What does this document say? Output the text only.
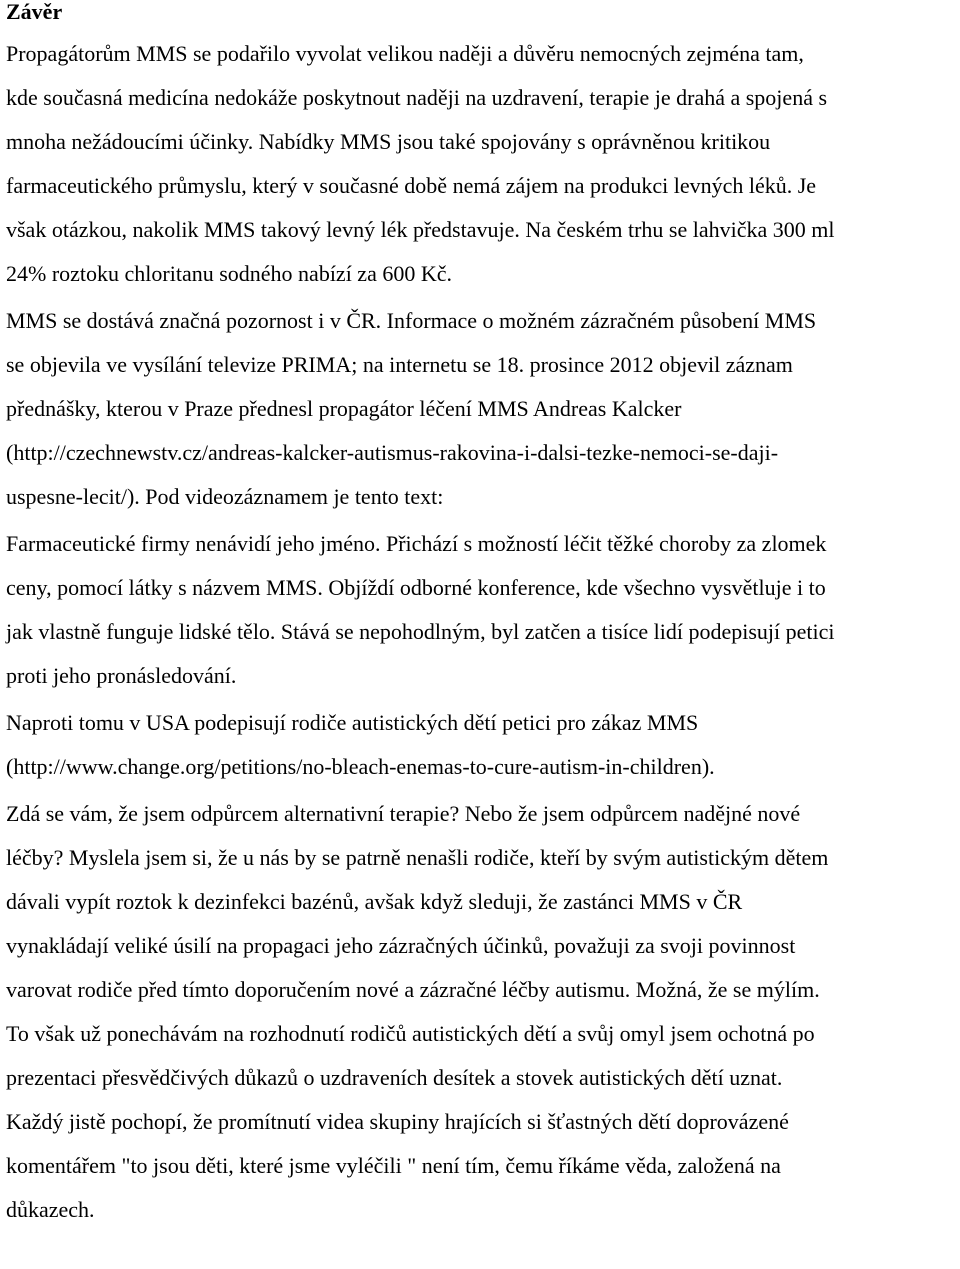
Závěr
Propagátorům MMS se podařilo vyvolat velikou naději a důvěru nemocných zejména tam,
kde současná medicína nedokáže poskytnout naději na uzdravení, terapie je drahá a spojená s
mnoha nežádoucími účinky. Nabídky MMS jsou také spojovány s oprávněnou kritikou
farmaceutického průmyslu, který v současné době nemá zájem na produkci levných léků. Je
však otázkou, nakolik MMS takový levný lék představuje. Na českém trhu se lahvička 300 ml
24% roztoku chloritanu sodného nabízí za 600 Kč.
MMS se dostává značná pozornost i v ČR. Informace o možném zázračném působení MMS
se objevila ve vysílání televize PRIMA; na internetu se 18. prosince 2012 objevil záznam
přednášky, kterou v Praze přednesl propagátor léčení MMS Andreas Kalcker
(http://czechnewstv.cz/andreas-kalcker-autismus-rakovina-i-dalsi-tezke-nemoci-se-daji-
uspesne-lecit/). Pod videozáznamem je tento text:
Farmaceutické firmy nenávidí jeho jméno. Přichází s možností léčit těžké choroby za zlomek
ceny, pomocí látky s názvem MMS. Objíždí odborné konference, kde všechno vysvětluje i to
jak vlastně funguje lidské tělo. Stává se nepohodlným, byl zatčen a tisíce lidí podepisují petici
proti jeho pronásledování.
Naproti tomu v USA podepisují rodiče autistických dětí petici pro zákaz MMS
(http://www.change.org/petitions/no-bleach-enemas-to-cure-autism-in-children).
Zdá se vám, že jsem odpůrcem alternativní terapie? Nebo že jsem odpůrcem nadějné nové
léčby? Myslela jsem si, že u nás by se patrně nenašli rodiče, kteří by svým autistickým dětem
dávali vypít roztok k dezinfekci bazénů, avšak když sleduji, že zastánci MMS v ČR
vynakládají veliké úsilí na propagaci jeho zázračných účinků, považuji za svoji povinnost
varovat rodiče před tímto doporučením nové a zázračné léčby autismu. Možná, že se mýlím.
To však už ponechávám na rozhodnutí rodičů autistických dětí a svůj omyl jsem ochotná po
prezentaci přesvědčivých důkazů o uzdraveních desítek a stovek autistických dětí uznat.
Každý jistě pochopí, že promítnutí videa skupiny hrajících si šťastných dětí doprovázené
komentářem "to jsou děti, které jsme vyléčili " není tím, čemu říkáme věda, založená na
důkazech.
